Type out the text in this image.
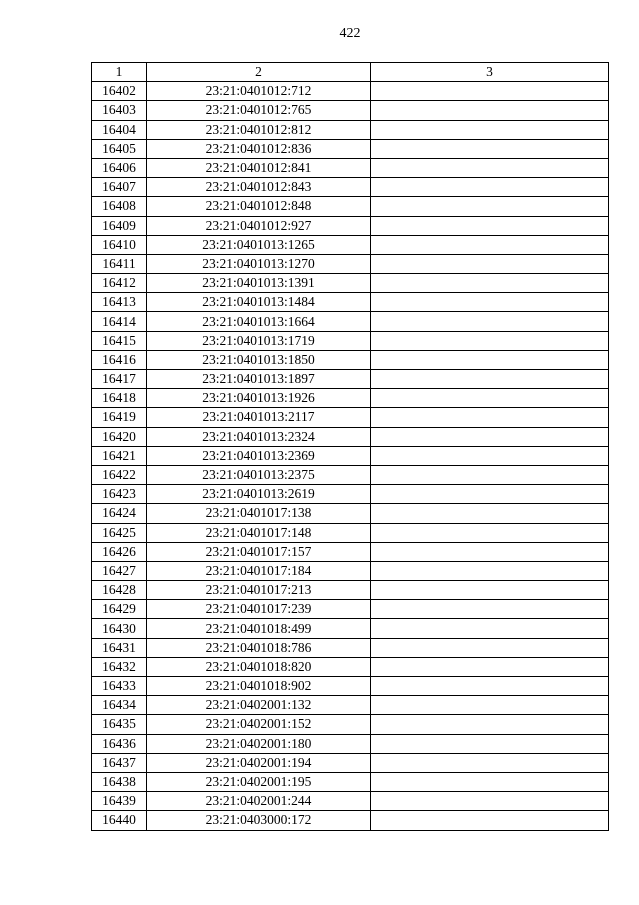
422
1	2	3
16402	23:21:0401012:712	
16403	23:21:0401012:765	
16404	23:21:0401012:812	
16405	23:21:0401012:836	
16406	23:21:0401012:841	
16407	23:21:0401012:843	
16408	23:21:0401012:848	
16409	23:21:0401012:927	
16410	23:21:0401013:1265	
16411	23:21:0401013:1270	
16412	23:21:0401013:1391	
16413	23:21:0401013:1484	
16414	23:21:0401013:1664	
16415	23:21:0401013:1719	
16416	23:21:0401013:1850	
16417	23:21:0401013:1897	
16418	23:21:0401013:1926	
16419	23:21:0401013:2117	
16420	23:21:0401013:2324	
16421	23:21:0401013:2369	
16422	23:21:0401013:2375	
16423	23:21:0401013:2619	
16424	23:21:0401017:138	
16425	23:21:0401017:148	
16426	23:21:0401017:157	
16427	23:21:0401017:184	
16428	23:21:0401017:213	
16429	23:21:0401017:239	
16430	23:21:0401018:499	
16431	23:21:0401018:786	
16432	23:21:0401018:820	
16433	23:21:0401018:902	
16434	23:21:0402001:132	
16435	23:21:0402001:152	
16436	23:21:0402001:180	
16437	23:21:0402001:194	
16438	23:21:0402001:195	
16439	23:21:0402001:244	
16440	23:21:0403000:172	
